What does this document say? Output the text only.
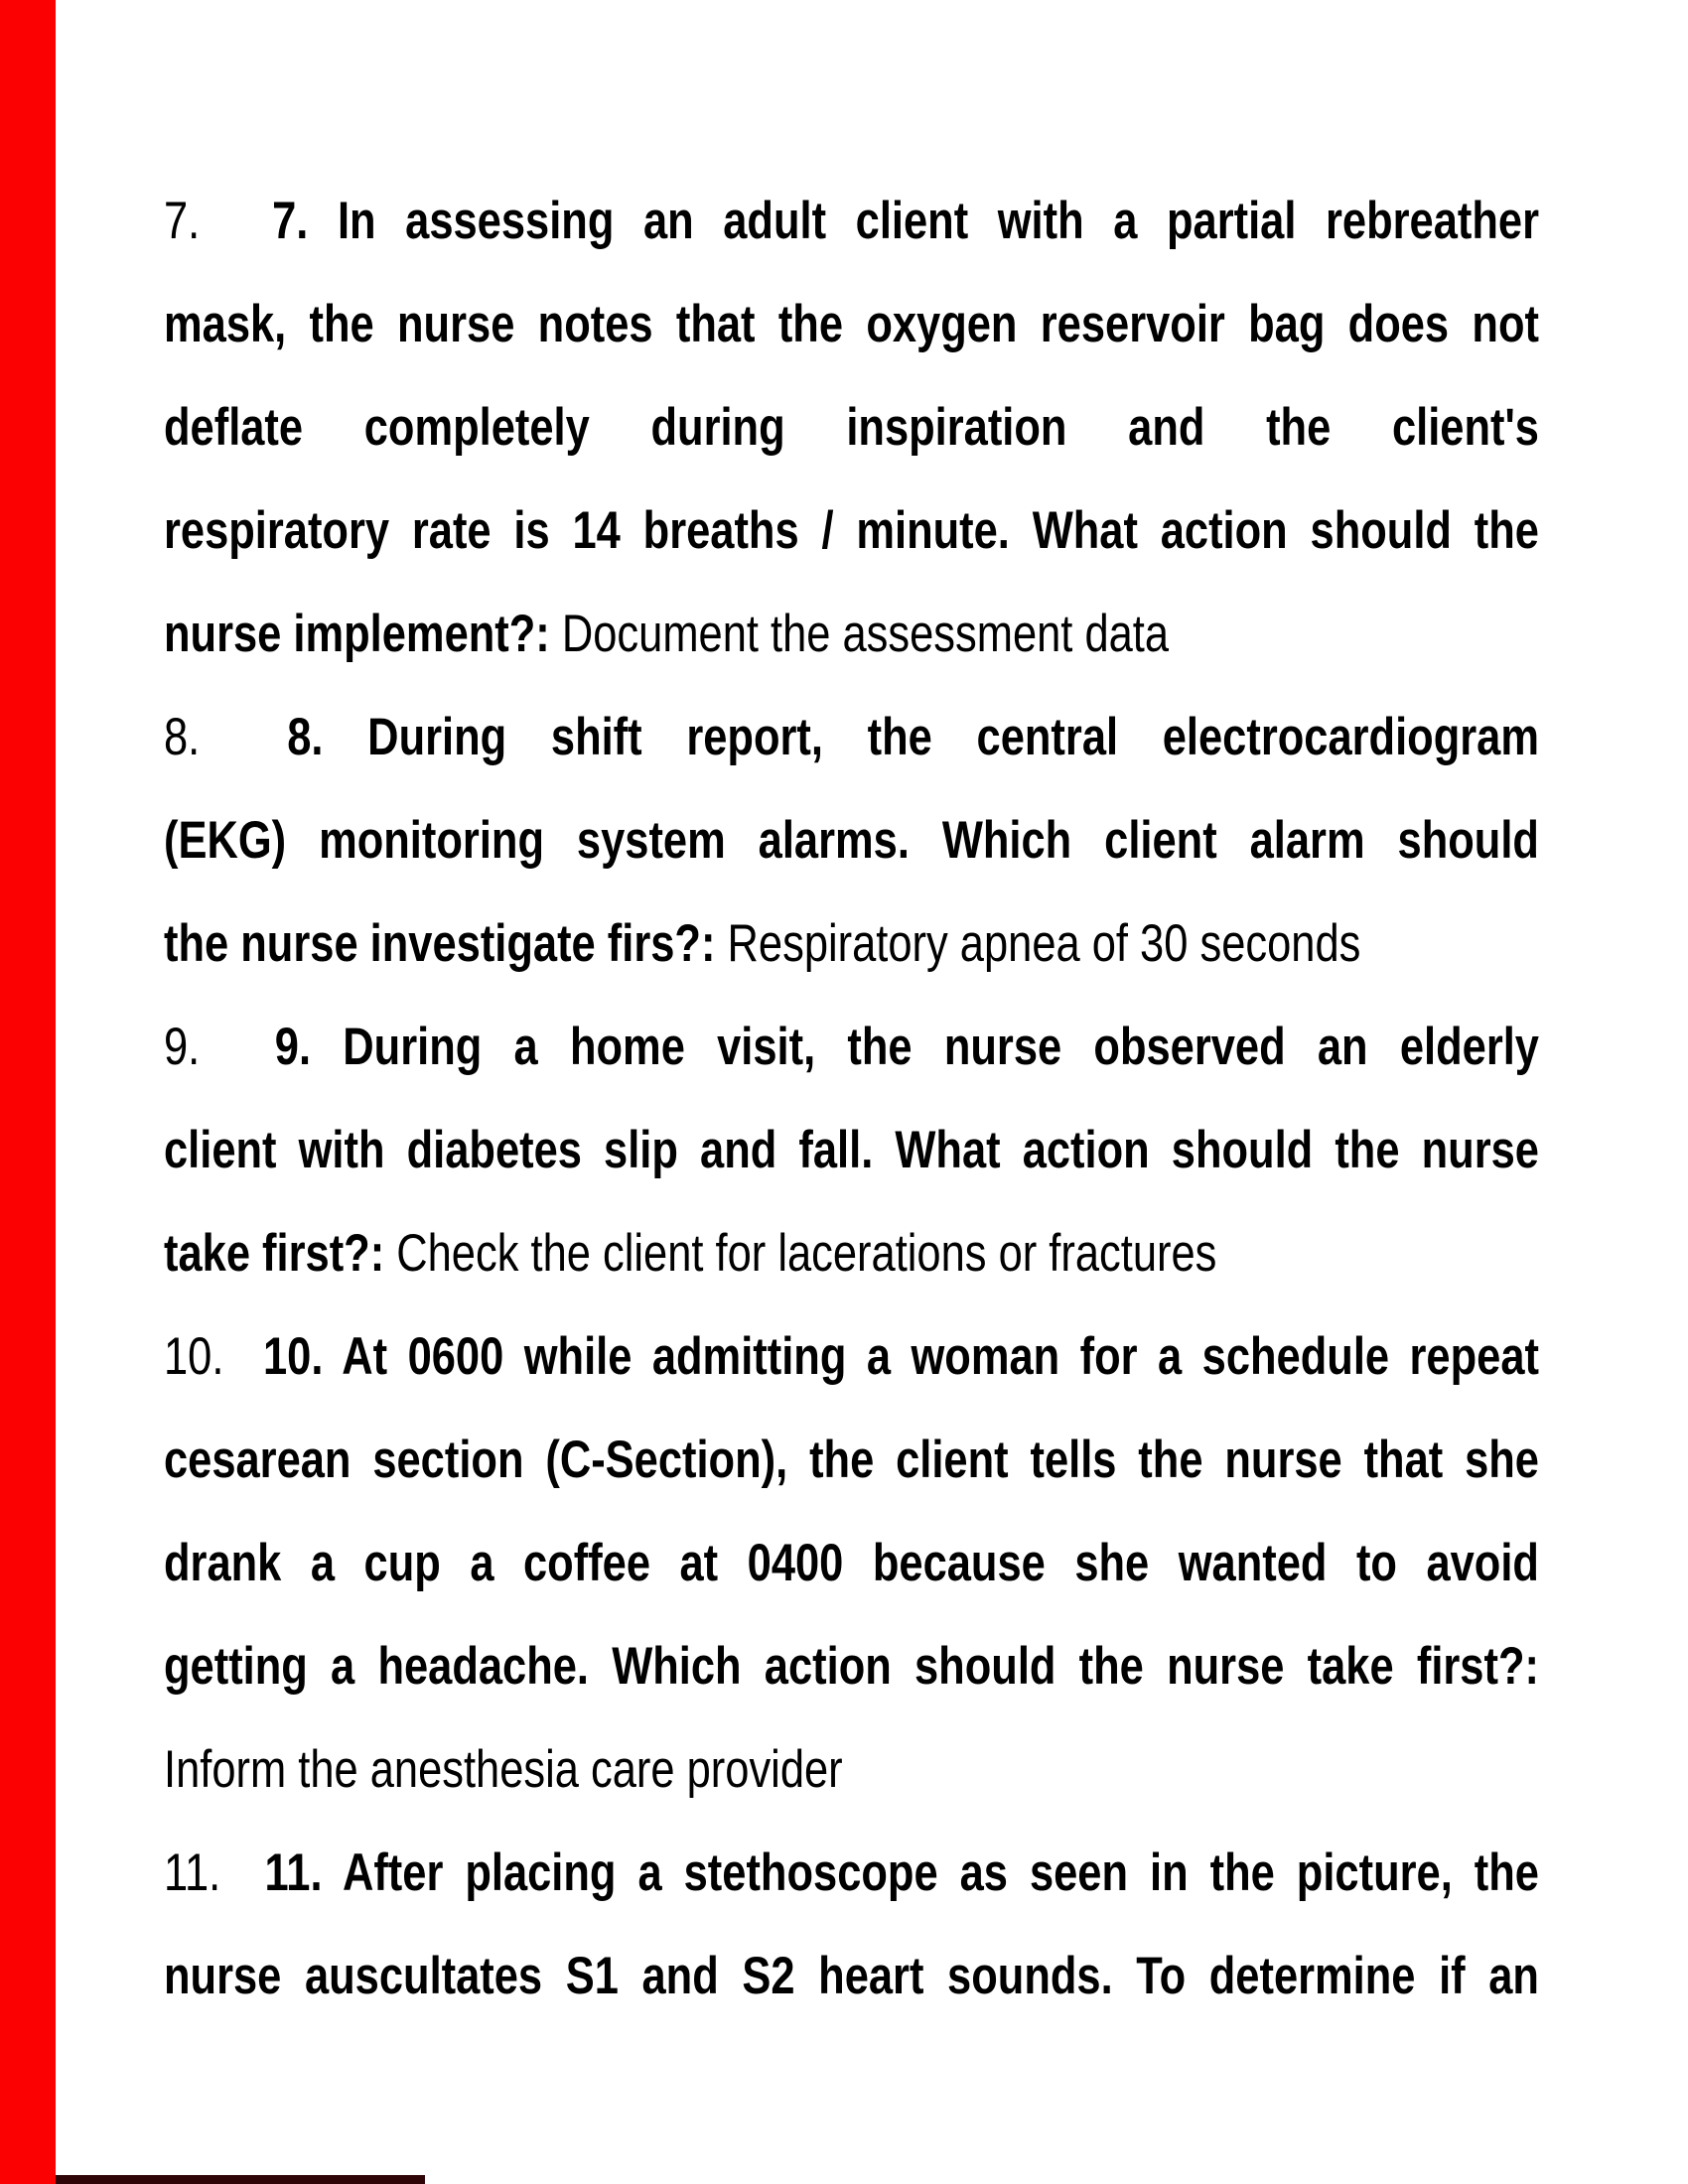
7. 7. In assessing an adult client with a partial rebreather
mask, the nurse notes that the oxygen reservoir bag does not
deflate completely during inspiration and the client's
respiratory rate is 14 breaths / minute. What action should the
nurse implement?: Document the assessment data
8. 8. During shift report, the central electrocardiogram
(EKG) monitoring system alarms. Which client alarm should
the nurse investigate firs?: Respiratory apnea of 30 seconds
9. 9. During a home visit, the nurse observed an elderly
client with diabetes slip and fall. What action should the nurse
take first?: Check the client for lacerations or fractures
10. 10. At 0600 while admitting a woman for a schedule repeat
cesarean section (C-Section), the client tells the nurse that she
drank a cup a coffee at 0400 because she wanted to avoid
getting a headache. Which action should the nurse take first?:
Inform the anesthesia care provider
11. 11. After placing a stethoscope as seen in the picture, the
nurse auscultates S1 and S2 heart sounds. To determine if an
